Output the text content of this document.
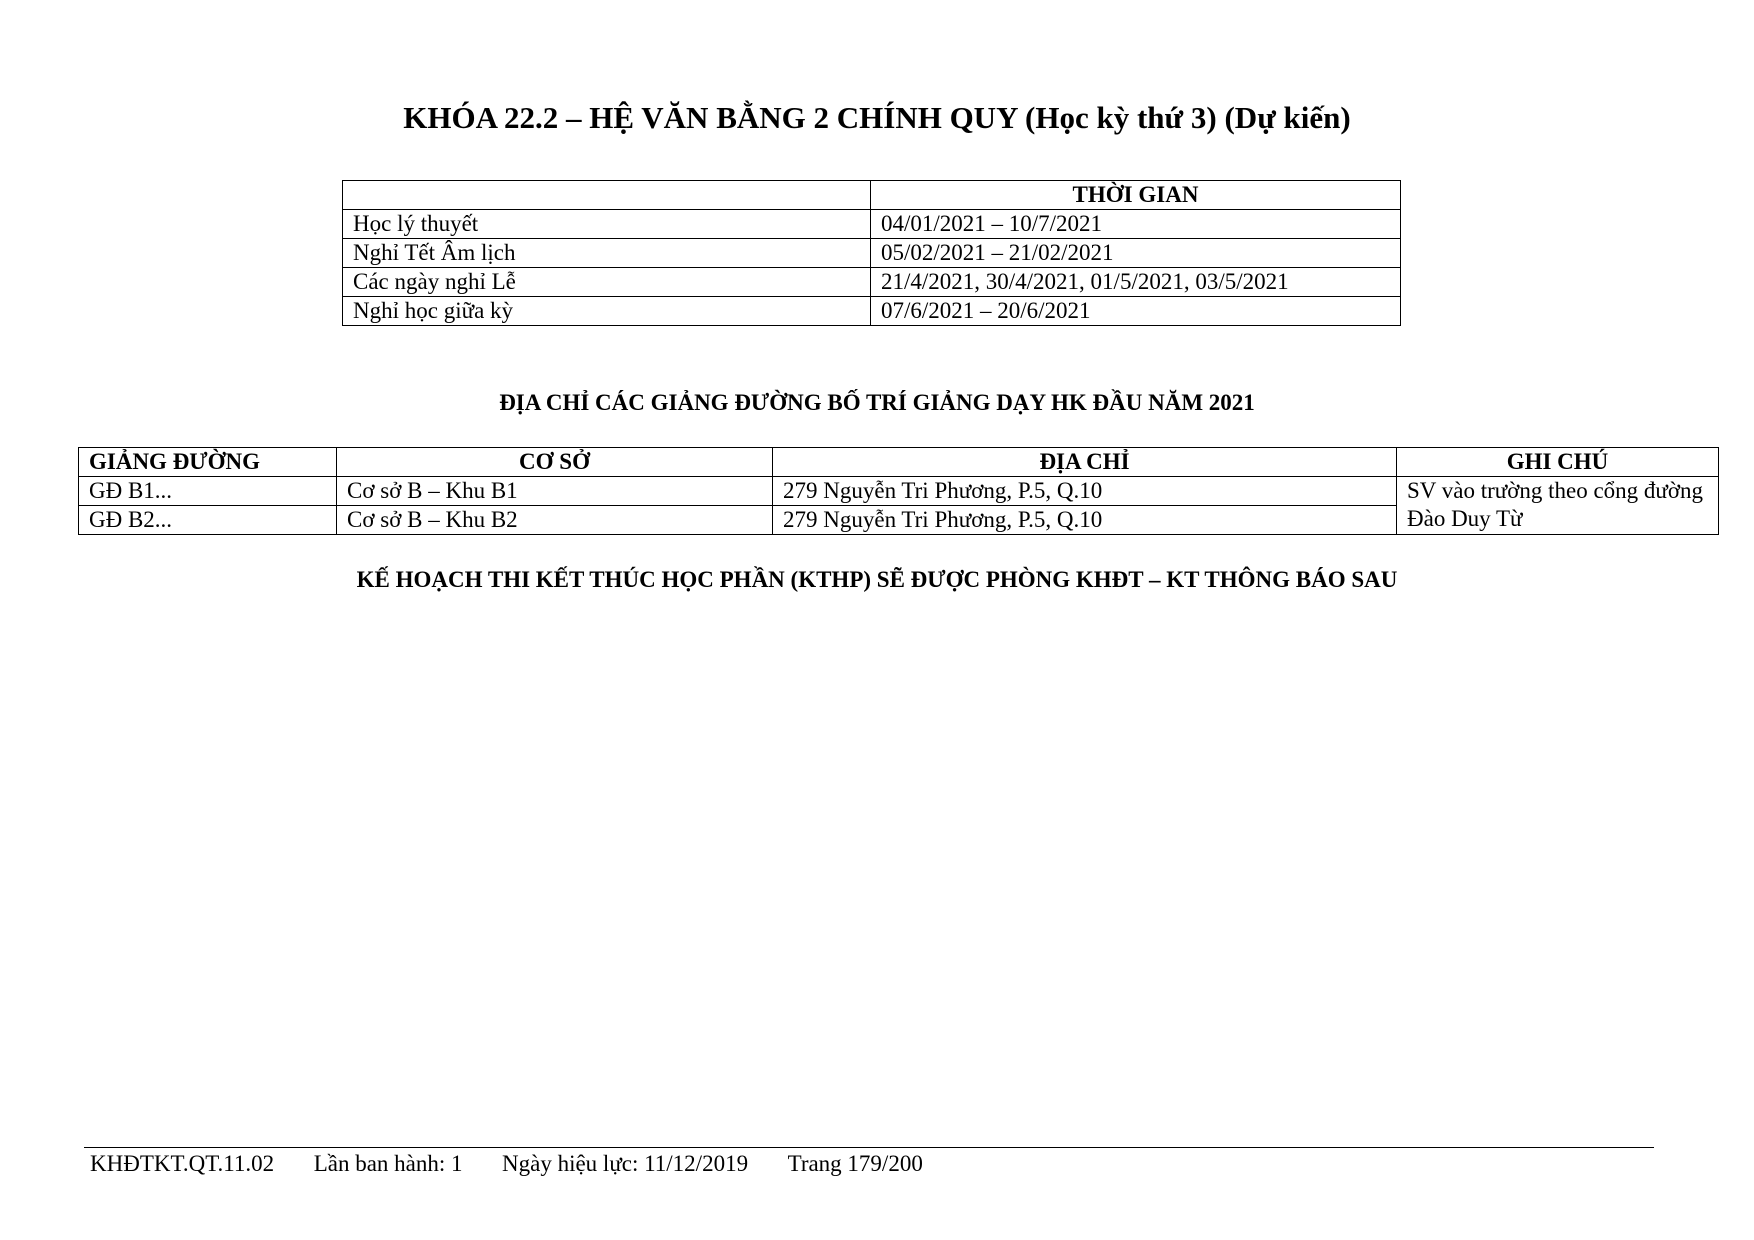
KHÓA 22.2 – HỆ VĂN BẰNG 2 CHÍNH QUY (Học kỳ thứ 3) (Dự kiến)
	THỜI GIAN
Học lý thuyết	04/01/2021 – 10/7/2021
Nghỉ Tết Âm lịch	05/02/2021 – 21/02/2021
Các ngày nghỉ Lễ	21/4/2021, 30/4/2021, 01/5/2021, 03/5/2021
Nghỉ học giữa kỳ	07/6/2021 – 20/6/2021
ĐỊA CHỈ CÁC GIẢNG ĐƯỜNG BỐ TRÍ GIẢNG DẠY HK ĐẦU NĂM 2021
GIẢNG ĐƯỜNG	CƠ SỞ	ĐỊA CHỈ	GHI CHÚ
GĐ B1...	Cơ sở B – Khu B1	279 Nguyễn Tri Phương, P.5, Q.10	SV vào trường theo cổng đường Đào Duy Từ
GĐ B2...	Cơ sở B – Khu B2	279 Nguyễn Tri Phương, P.5, Q.10	
KẾ HOẠCH THI KẾT THÚC HỌC PHẦN (KTHP) SẼ ĐƯỢC PHÒNG KHĐT – KT THÔNG BÁO SAU
KHĐTKT.QT.11.02 Lần ban hành: 1 Ngày hiệu lực: 11/12/2019 Trang 179/200
